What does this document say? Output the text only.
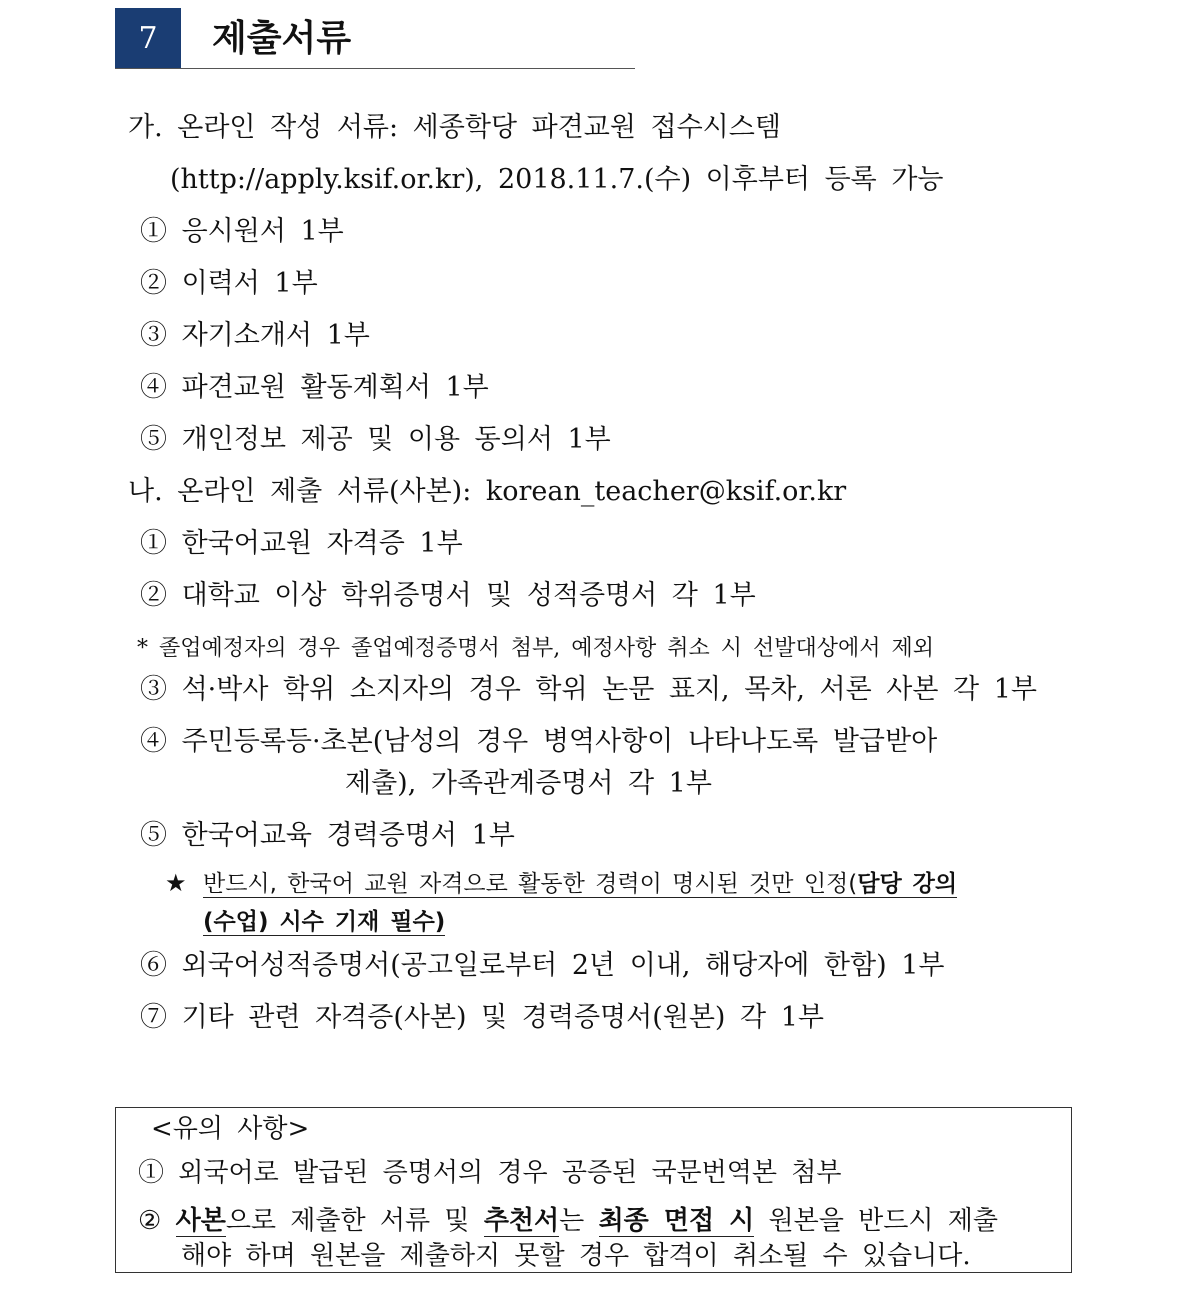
7	제출서류
가. 온라인 작성 서류: 세종학당 파견교원 접수시스템
(http://apply.ksif.or.kr), 2018.11.7.(수) 이후부터 등록 가능
① 응시원서 1부
② 이력서 1부
③ 자기소개서 1부
④ 파견교원 활동계획서 1부
⑤ 개인정보 제공 및 이용 동의서 1부
나. 온라인 제출 서류(사본): korean_teacher@ksif.or.kr
① 한국어교원 자격증 1부
② 대학교 이상 학위증명서 및 성적증명서 각 1부
* 졸업예정자의 경우 졸업예정증명서 첨부, 예정사항 취소 시 선발대상에서 제외
③ 석·박사 학위 소지자의 경우 학위 논문 표지, 목차, 서론 사본 각 1부
④ 주민등록등·초본(남성의 경우 병역사항이 나타나도록 발급받아
제출), 가족관계증명서 각 1부
⑤ 한국어교육 경력증명서 1부
★ 반드시, 한국어 교원 자격으로 활동한 경력이 명시된 것만 인정(담당 강의
(수업) 시수 기재 필수)
⑥ 외국어성적증명서(공고일로부터 2년 이내, 해당자에 한함) 1부
⑦ 기타 관련 자격증(사본) 및 경력증명서(원본) 각 1부
<유의 사항>
① 외국어로 발급된 증명서의 경우 공증된 국문번역본 첨부
② 사본으로 제출한 서류 및 추천서는 최종 면접 시 원본을 반드시 제출
해야 하며 원본을 제출하지 못할 경우 합격이 취소될 수 있습니다.
